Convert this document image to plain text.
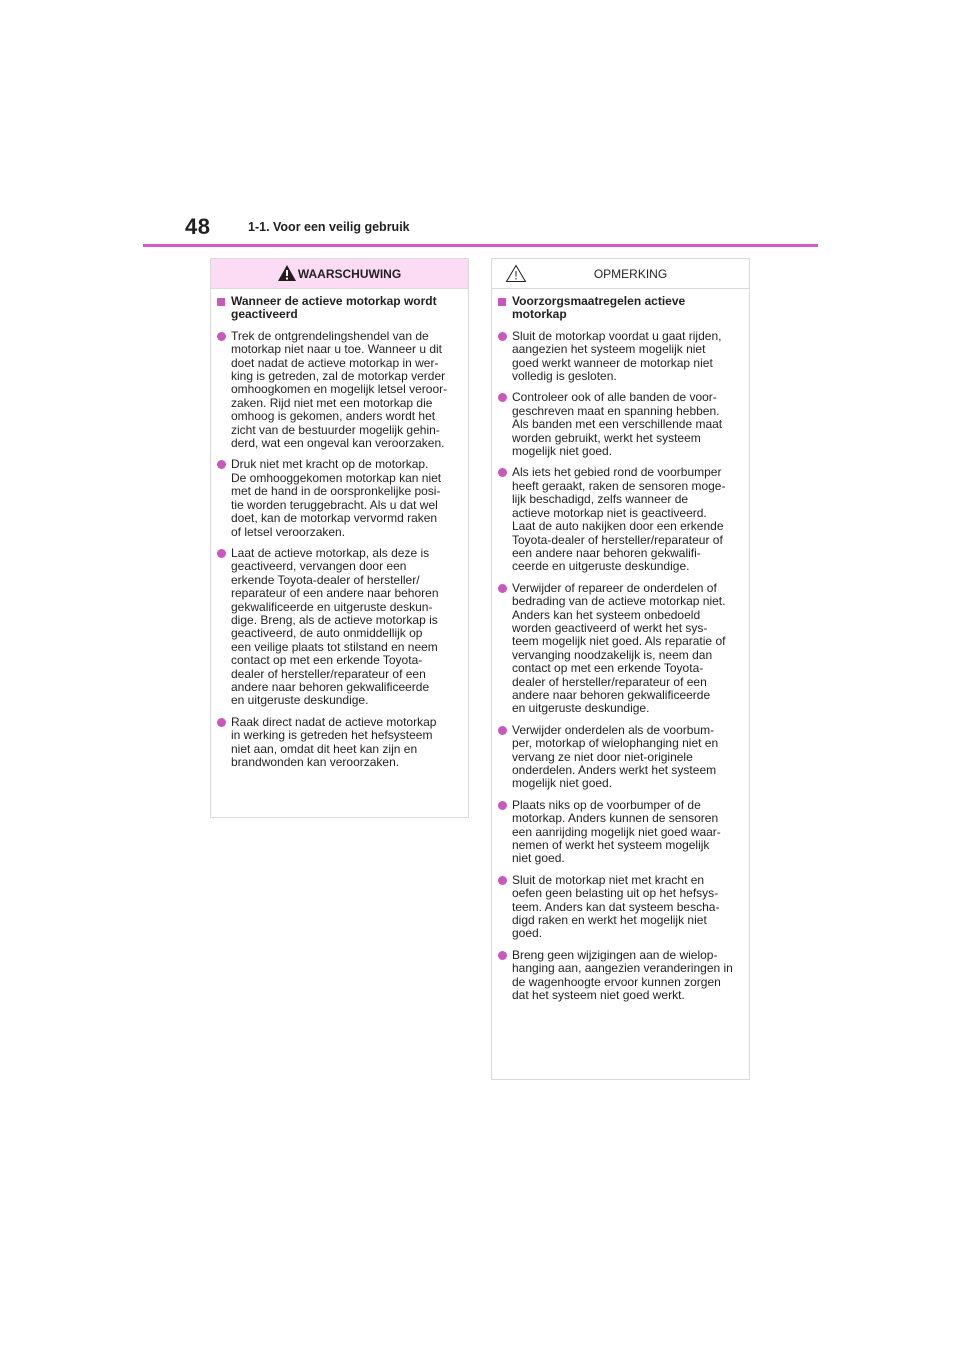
48	1-1. Voor een veilig gebruik
WAARSCHUWING
Wanneer de actieve motorkap wordt
geactiveerd
Trek de ontgrendelingshendel van de
motorkap niet naar u toe. Wanneer u dit
doet nadat de actieve motorkap in wer-
king is getreden, zal de motorkap verder
omhoogkomen en mogelijk letsel veroor-
zaken. Rijd niet met een motorkap die
omhoog is gekomen, anders wordt het
zicht van de bestuurder mogelijk gehin-
derd, wat een ongeval kan veroorzaken.
Druk niet met kracht op de motorkap.
De omhooggekomen motorkap kan niet
met de hand in de oorspronkelijke posi-
tie worden teruggebracht. Als u dat wel
doet, kan de motorkap vervormd raken
of letsel veroorzaken.
Laat de actieve motorkap, als deze is
geactiveerd, vervangen door een
erkende Toyota-dealer of hersteller/
reparateur of een andere naar behoren
gekwalificeerde en uitgeruste deskun-
dige. Breng, als de actieve motorkap is
geactiveerd, de auto onmiddellijk op
een veilige plaats tot stilstand en neem
contact op met een erkende Toyota-
dealer of hersteller/reparateur of een
andere naar behoren gekwalificeerde
en uitgeruste deskundige.
Raak direct nadat de actieve motorkap
in werking is getreden het hefsysteem
niet aan, omdat dit heet kan zijn en
brandwonden kan veroorzaken.
OPMERKING
Voorzorgsmaatregelen actieve
motorkap
Sluit de motorkap voordat u gaat rijden,
aangezien het systeem mogelijk niet
goed werkt wanneer de motorkap niet
volledig is gesloten.
Controleer ook of alle banden de voor-
geschreven maat en spanning hebben.
Als banden met een verschillende maat
worden gebruikt, werkt het systeem
mogelijk niet goed.
Als iets het gebied rond de voorbumper
heeft geraakt, raken de sensoren moge-
lijk beschadigd, zelfs wanneer de
actieve motorkap niet is geactiveerd.
Laat de auto nakijken door een erkende
Toyota-dealer of hersteller/reparateur of
een andere naar behoren gekwalifi-
ceerde en uitgeruste deskundige.
Verwijder of repareer de onderdelen of
bedrading van de actieve motorkap niet.
Anders kan het systeem onbedoeld
worden geactiveerd of werkt het sys-
teem mogelijk niet goed. Als reparatie of
vervanging noodzakelijk is, neem dan
contact op met een erkende Toyota-
dealer of hersteller/reparateur of een
andere naar behoren gekwalificeerde
en uitgeruste deskundige.
Verwijder onderdelen als de voorbum-
per, motorkap of wielophanging niet en
vervang ze niet door niet-originele
onderdelen. Anders werkt het systeem
mogelijk niet goed.
Plaats niks op de voorbumper of de
motorkap. Anders kunnen de sensoren
een aanrijding mogelijk niet goed waar-
nemen of werkt het systeem mogelijk
niet goed.
Sluit de motorkap niet met kracht en
oefen geen belasting uit op het hefsys-
teem. Anders kan dat systeem bescha-
digd raken en werkt het mogelijk niet
goed.
Breng geen wijzigingen aan de wielop-
hanging aan, aangezien veranderingen in
de wagenhoogte ervoor kunnen zorgen
dat het systeem niet goed werkt.
